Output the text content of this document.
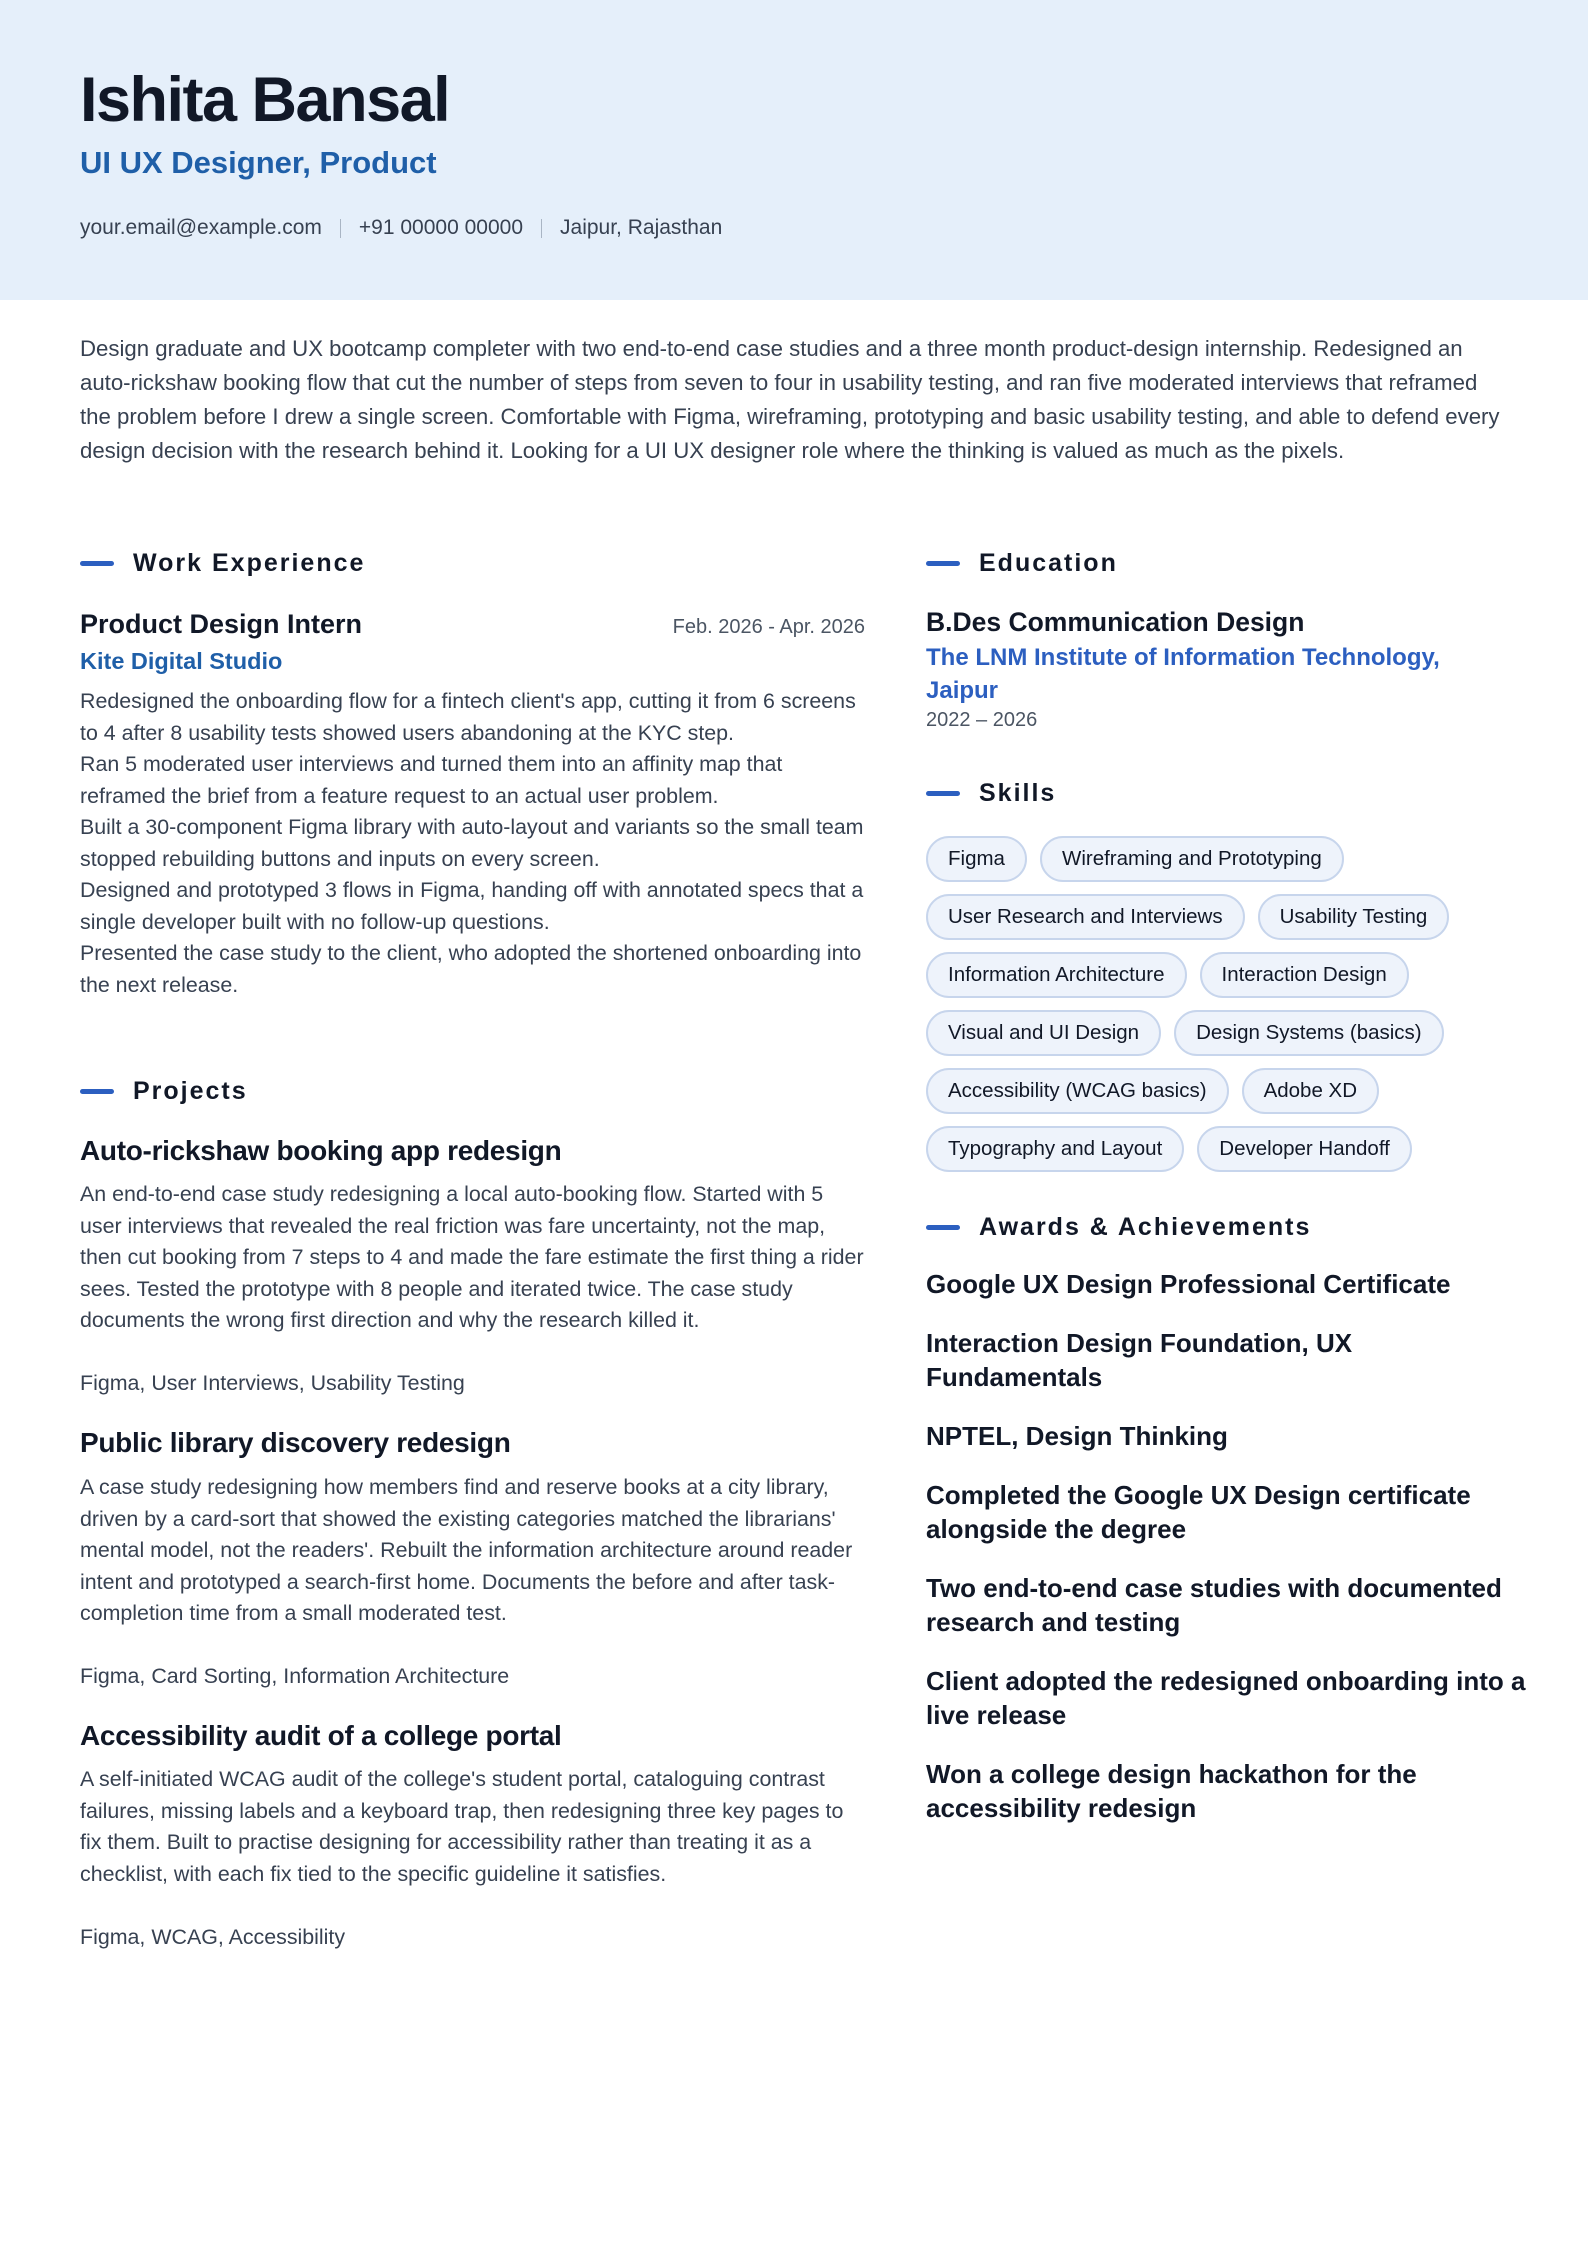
Ishita Bansal
UI UX Designer, Product
your.email@example.com +91 00000 00000 Jaipur, Rajasthan

Design graduate and UX bootcamp completer with two end-to-end case studies and a three month product-design internship. Redesigned an auto-rickshaw booking flow that cut the number of steps from seven to four in usability testing, and ran five moderated interviews that reframed the problem before I drew a single screen. Comfortable with Figma, wireframing, prototyping and basic usability testing, and able to defend every design decision with the research behind it. Looking for a UI UX designer role where the thinking is valued as much as the pixels.

Work Experience
Product Design Intern	Feb. 2026 - Apr. 2026
Kite Digital Studio
Redesigned the onboarding flow for a fintech client's app, cutting it from 6 screens to 4 after 8 usability tests showed users abandoning at the KYC step.
Ran 5 moderated user interviews and turned them into an affinity map that reframed the brief from a feature request to an actual user problem.
Built a 30-component Figma library with auto-layout and variants so the small team stopped rebuilding buttons and inputs on every screen.
Designed and prototyped 3 flows in Figma, handing off with annotated specs that a single developer built with no follow-up questions.
Presented the case study to the client, who adopted the shortened onboarding into the next release.
Projects
Auto-rickshaw booking app redesign

An end-to-end case study redesigning a local auto-booking flow. Started with 5 user interviews that revealed the real friction was fare uncertainty, not the map, then cut booking from 7 steps to 4 and made the fare estimate the first thing a rider sees. Tested the prototype with 8 people and iterated twice. The case study documents the wrong first direction and why the research killed it.

Figma, User Interviews, Usability Testing
Public library discovery redesign

A case study redesigning how members find and reserve books at a city library, driven by a card-sort that showed the existing categories matched the librarians' mental model, not the readers'. Rebuilt the information architecture around reader intent and prototyped a search-first home. Documents the before and after task-completion time from a small moderated test.

Figma, Card Sorting, Information Architecture
Accessibility audit of a college portal

A self-initiated WCAG audit of the college's student portal, cataloguing contrast failures, missing labels and a keyboard trap, then redesigning three key pages to fix them. Built to practise designing for accessibility rather than treating it as a checklist, with each fix tied to the specific guideline it satisfies.

Figma, WCAG, Accessibility
Education
B.Des Communication Design
The LNM Institute of Information Technology, Jaipur
2022 – 2026
Skills
Figma	Wireframing and Prototyping
User Research and Interviews	Usability Testing
Information Architecture	Interaction Design
Visual and UI Design	Design Systems (basics)
Accessibility (WCAG basics)	Adobe XD
Typography and Layout	Developer Handoff
Awards & Achievements
Google UX Design Professional Certificate
Interaction Design Foundation, UX Fundamentals
NPTEL, Design Thinking
Completed the Google UX Design certificate alongside the degree
Two end-to-end case studies with documented research and testing
Client adopted the redesigned onboarding into a live release
Won a college design hackathon for the accessibility redesign
